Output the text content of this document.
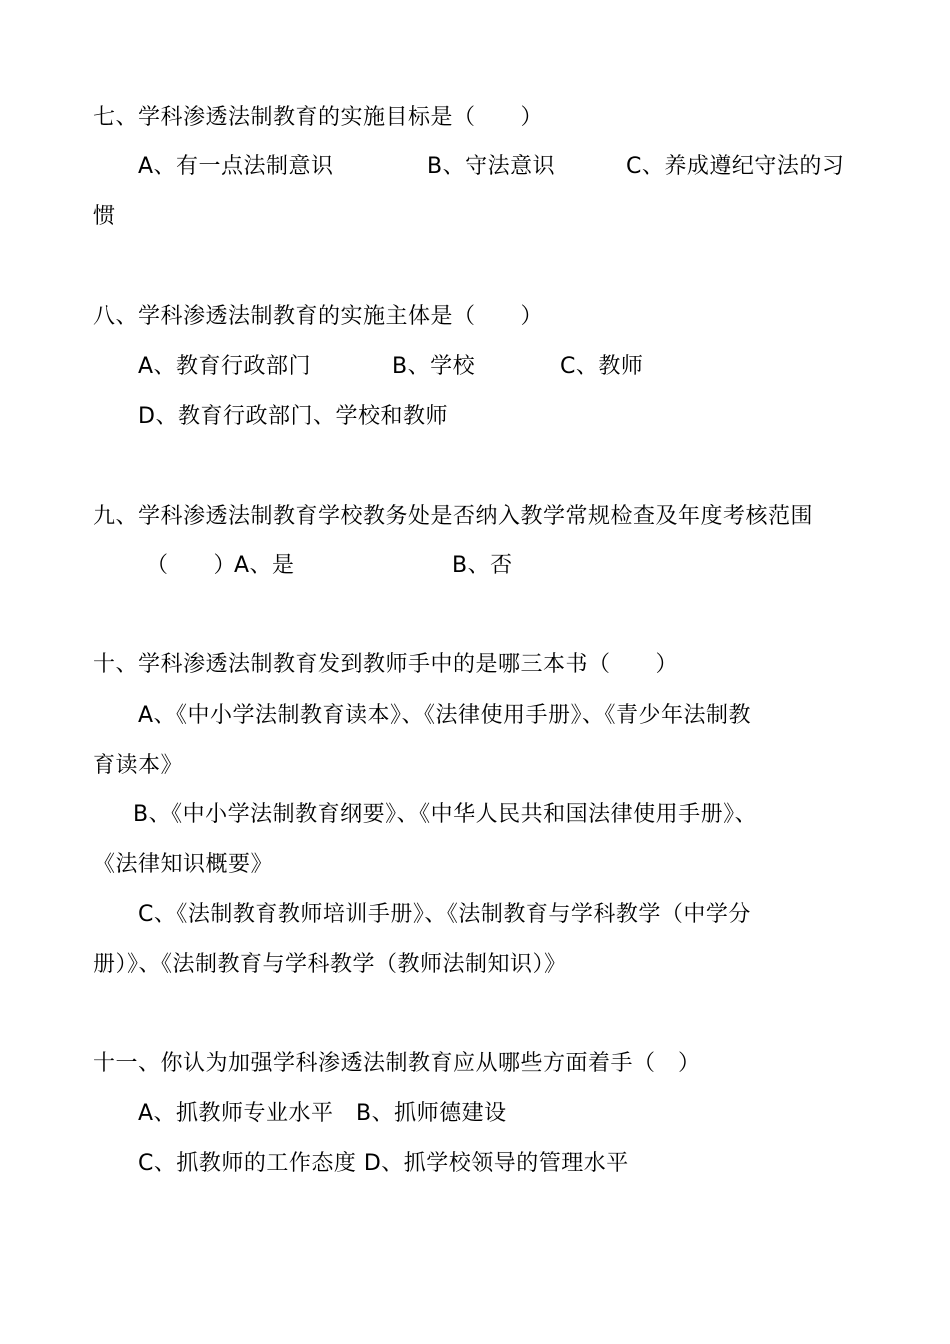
七、学科渗透法制教育的实施目标是（　　）
A、有一点法制意识	B、守法意识	C、养成遵纪守法的习
惯
八、学科渗透法制教育的实施主体是（　　）
A、教育行政部门	B、学校	C、教师
D、教育行政部门、学校和教师
九、学科渗透法制教育学校教务处是否纳入教学常规检查及年度考核范围
（　　）
A、是	B、否
十、学科渗透法制教育发到教师手中的是哪三本书（　　）
A、《中小学法制教育读本》、《法律使用手册》、《青少年法制教
育读本》
B、《中小学法制教育纲要》、《中华人民共和国法律使用手册》、
《法律知识概要》
C、《法制教育教师培训手册》、《法制教育与学科教学（中学分
册）》、《法制教育与学科教学（教师法制知识）》
十一、你认为加强学科渗透法制教育应从哪些方面着手（　）
A、抓教师专业水平　B、抓师德建设
C、抓教师的工作态度 D、抓学校领导的管理水平
